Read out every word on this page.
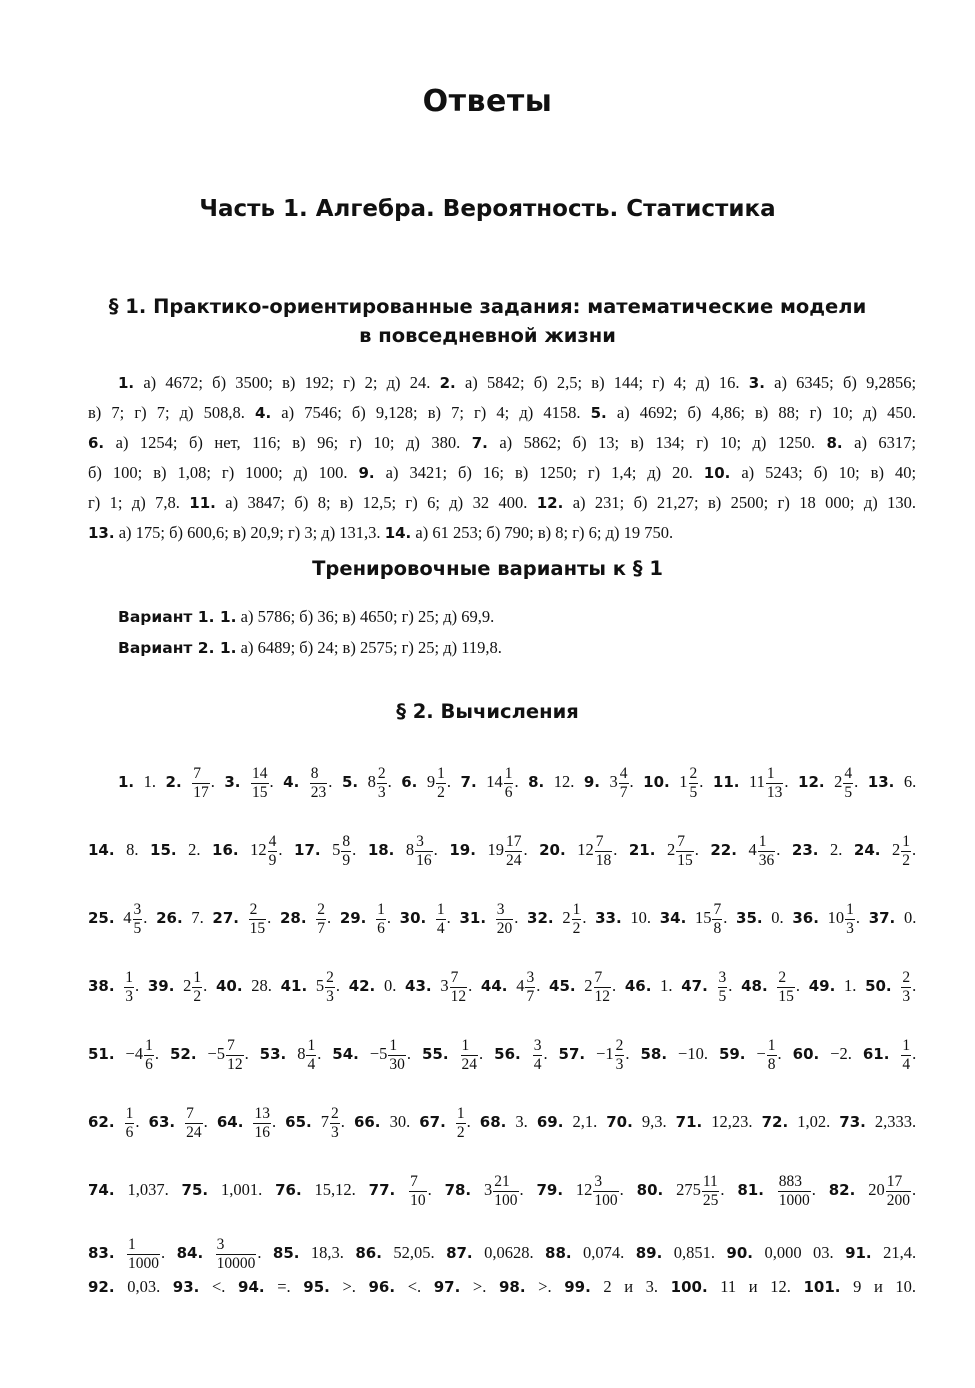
Ответы
Часть 1. Алгебра. Вероятность. Статистика
§ 1. Практико-ориентированные задания: математические модели
в повседневной жизни
1. а) 4672; б) 3500; в) 192; г) 2; д) 24. 2. а) 5842; б) 2,5; в) 144; г) 4; д) 16. 3. а) 6345; б) 9,2856;
в) 7; г) 7; д) 508,8. 4. а) 7546; б) 9,128; в) 7; г) 4; д) 4158. 5. а) 4692; б) 4,86; в) 88; г) 10; д) 450.
6. а) 1254; б) нет, 116; в) 96; г) 10; д) 380. 7. а) 5862; б) 13; в) 134; г) 10; д) 1250. 8. а) 6317;
б) 100; в) 1,08; г) 1000; д) 100. 9. а) 3421; б) 16; в) 1250; г) 1,4; д) 20. 10. а) 5243; б) 10; в) 40;
г) 1; д) 7,8. 11. а) 3847; б) 8; в) 12,5; г) 6; д) 32 400. 12. а) 231; б) 21,27; в) 2500; г) 18 000; д) 130.
13. а) 175; б) 600,6; в) 20,9; г) 3; д) 131,3. 14. а) 61 253; б) 790; в) 8; г) 6; д) 19 750.
Тренировочные варианты к § 1
Вариант 1. 1. а) 5786; б) 36; в) 4650; г) 25; д) 69,9.
Вариант 2. 1. а) 6489; б) 24; в) 2575; г) 25; д) 119,8.
§ 2. Вычисления
1. 1. 2. $\frac{7}{17}$ . 3. $\frac{14}{15}$ . 4. $\frac{8}{23}$ . 5. $8 \frac{2}{3}$ . 6. $9 \frac{1}{2}$ . 7. $14 \frac{1}{6}$ . 8. 12. 9. $3 \frac{4}{7}$ . 10. $1 \frac{2}{5}$ . 11. $11 \frac{1}{13}$ . 12. $2 \frac{4}{5}$ . 13. 6.
14. 8. 15. 2. 16. $12 \frac{4}{9}$ . 17. $5 \frac{8}{9}$ . 18. $8 \frac{3}{16}$ . 19. $19 \frac{17}{24}$ . 20. $12 \frac{7}{18}$ . 21. $2 \frac{7}{15}$ . 22. $4 \frac{1}{36}$ . 23. 2. 24. $2 \frac{1}{2}$ .
25. $4 \frac{3}{5}$ . 26. 7. 27. $\frac{2}{15}$ . 28. $\frac{2}{7}$ . 29. $\frac{1}{6}$ . 30. $\frac{1}{4}$ . 31. $\frac{3}{20}$ . 32. $2 \frac{1}{2}$ . 33. 10. 34. $15 \frac{7}{8}$ . 35. 0. 36. $10 \frac{1}{3}$ . 37. 0.
38. $\frac{1}{3}$ . 39. $2 \frac{1}{2}$ . 40. 28. 41. $5 \frac{2}{3}$ . 42. 0. 43. $3 \frac{7}{12}$ . 44. $4 \frac{3}{7}$ . 45. $2 \frac{7}{12}$ . 46. 1. 47. $\frac{3}{5}$ . 48. $\frac{2}{15}$ . 49. 1. 50. $\frac{2}{3}$ .
51. $-4 \frac{1}{6}$ . 52. $-5 \frac{7}{12}$ . 53. $8 \frac{1}{4}$ . 54. $-5 \frac{1}{30}$ . 55. $\frac{1}{24}$ . 56. $\frac{3}{4}$ . 57. $-1 \frac{2}{3}$ . 58. −10. 59. − $\frac{1}{8}$ . 60. −2. 61. $\frac{1}{4}$ .
62. $\frac{1}{6}$ . 63. $\frac{7}{24}$ . 64. $\frac{13}{16}$ . 65. $7 \frac{2}{3}$ . 66. 30. 67. $\frac{1}{2}$ . 68. 3. 69. 2,1. 70. 9,3. 71. 12,23. 72. 1,02. 73. 2,333.
74. 1,037. 75. 1,001. 76. 15,12. 77. $\frac{7}{10}$ . 78. $3 \frac{21}{100}$ . 79. $12 \frac{3}{100}$ . 80. $275 \frac{11}{25}$ . 81. $\frac{883}{1000}$ . 82. $20 \frac{17}{200}$ .
83. $\frac{1}{1000}$ . 84. $\frac{3}{10000}$ . 85. 18,3. 86. 52,05. 87. 0,0628. 88. 0,074. 89. 0,851. 90. 0,000 03. 91. 21,4.
92. 0,03. 93. <. 94. =. 95. >. 96. <. 97. >. 98. >. 99. 2 и 3. 100. 11 и 12. 101. 9 и 10.
